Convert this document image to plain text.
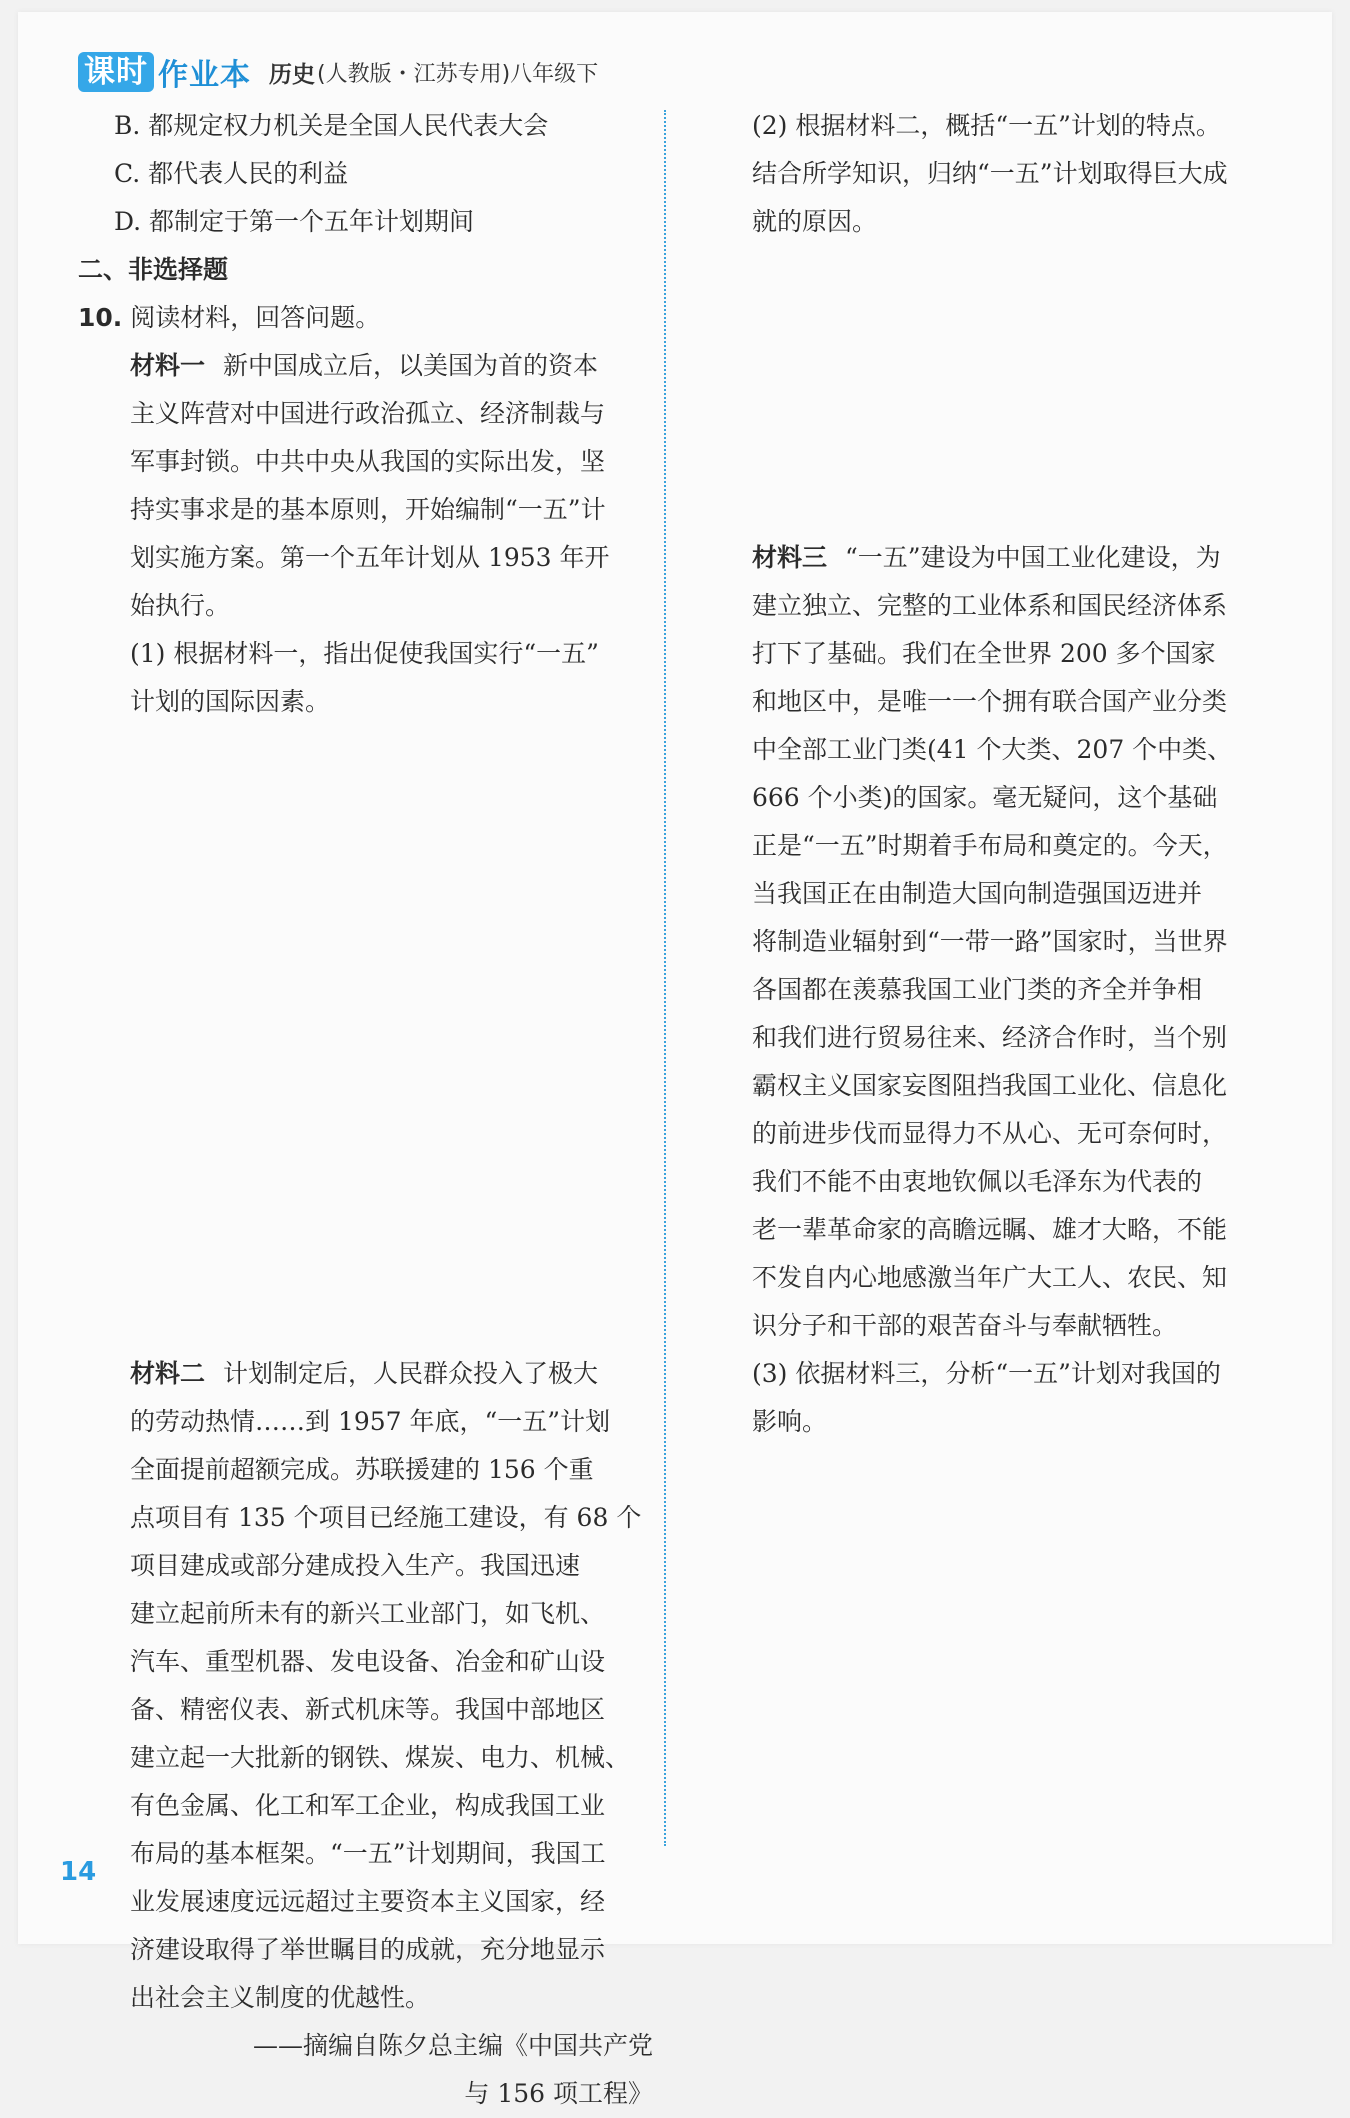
课时 作业本 历史 (人教版・江苏专用)八年级下

B. 都规定权力机关是全国人民代表大会

C. 都代表人民的利益

D. 都制定于第一个五年计划期间

二、非选择题

10. 阅读材料，回答问题。

材料一 新中国成立后，以美国为首的资本

主义阵营对中国进行政治孤立、经济制裁与

军事封锁。中共中央从我国的实际出发，坚

持实事求是的基本原则，开始编制“一五”计

划实施方案。第一个五年计划从 1953 年开

始执行。

(1) 根据材料一，指出促使我国实行“一五”

计划的国际因素。

材料二 计划制定后，人民群众投入了极大

的劳动热情……到 1957 年底，“一五”计划

全面提前超额完成。苏联援建的 156 个重

点项目有 135 个项目已经施工建设，有 68 个

项目建成或部分建成投入生产。我国迅速

建立起前所未有的新兴工业部门，如飞机、

汽车、重型机器、发电设备、冶金和矿山设

备、精密仪表、新式机床等。我国中部地区

建立起一大批新的钢铁、煤炭、电力、机械、

有色金属、化工和军工企业，构成我国工业

布局的基本框架。“一五”计划期间，我国工

业发展速度远远超过主要资本主义国家，经

济建设取得了举世瞩目的成就，充分地显示

出社会主义制度的优越性。

——摘编自陈夕总主编《中国共产党

与 156 项工程》

(2) 根据材料二，概括“一五”计划的特点。

结合所学知识，归纳“一五”计划取得巨大成

就的原因。

材料三 “一五”建设为中国工业化建设，为

建立独立、完整的工业体系和国民经济体系

打下了基础。我们在全世界 200 多个国家

和地区中，是唯一一个拥有联合国产业分类

中全部工业门类(41 个大类、207 个中类、

666 个小类)的国家。毫无疑问，这个基础

正是“一五”时期着手布局和奠定的。今天，

当我国正在由制造大国向制造强国迈进并

将制造业辐射到“一带一路”国家时，当世界

各国都在羡慕我国工业门类的齐全并争相

和我们进行贸易往来、经济合作时，当个别

霸权主义国家妄图阻挡我国工业化、信息化

的前进步伐而显得力不从心、无可奈何时，

我们不能不由衷地钦佩以毛泽东为代表的

老一辈革命家的高瞻远瞩、雄才大略，不能

不发自内心地感激当年广大工人、农民、知

识分子和干部的艰苦奋斗与奉献牺牲。

(3) 依据材料三，分析“一五”计划对我国的

影响。

14
